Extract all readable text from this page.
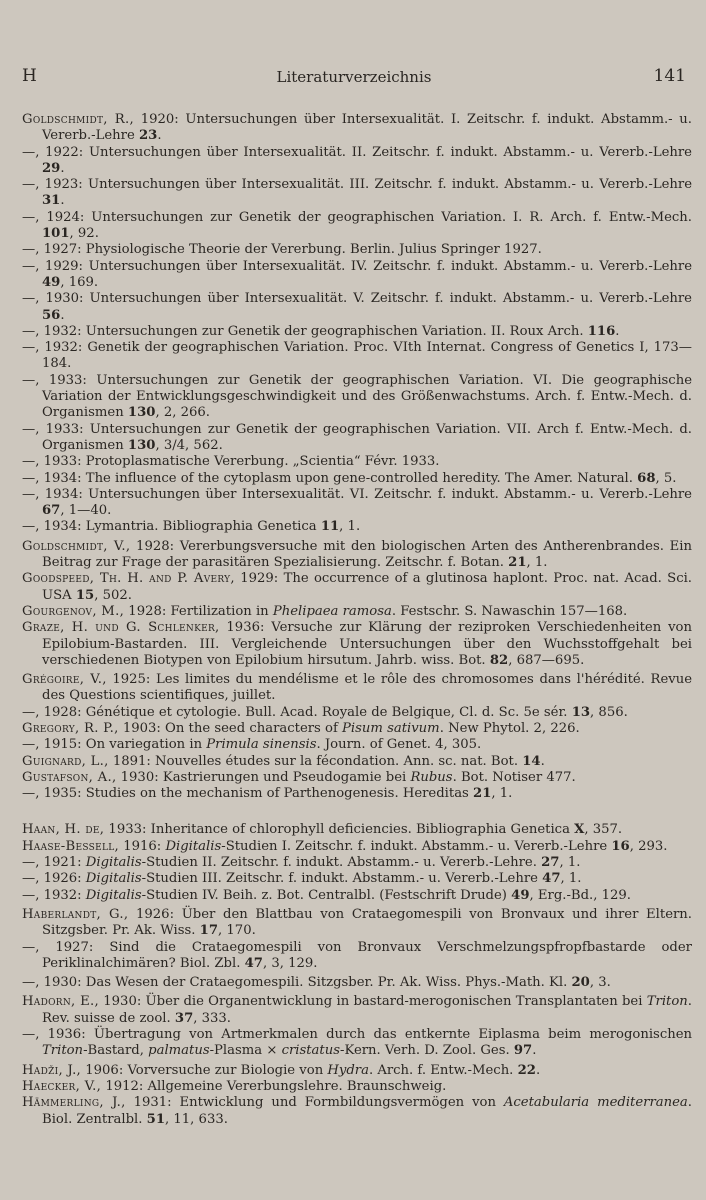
H	Literaturverzeichnis	141

Goldschmidt, R., 1920: Untersuchungen über Intersexualität. I. Zeitschr. f. indukt. Abstamm.- u. Vererb.-Lehre 23.

—, 1922: Untersuchungen über Intersexualität. II. Zeitschr. f. indukt. Abstamm.- u. Vererb.-Lehre 29.

—, 1923: Untersuchungen über Intersexualität. III. Zeitschr. f. indukt. Abstamm.- u. Vererb.-Lehre 31.

—, 1924: Untersuchungen zur Genetik der geographischen Variation. I. R. Arch. f. Entw.-Mech. 101, 92.

—, 1927: Physiologische Theorie der Vererbung. Berlin. Julius Springer 1927.

—, 1929: Untersuchungen über Intersexualität. IV. Zeitschr. f. indukt. Abstamm.- u. Vererb.-Lehre 49, 169.

—, 1930: Untersuchungen über Intersexualität. V. Zeitschr. f. indukt. Abstamm.- u. Vererb.-Lehre 56.

—, 1932: Untersuchungen zur Genetik der geographischen Variation. II. Roux Arch. 116.

—, 1932: Genetik der geographischen Variation. Proc. VIth Internat. Congress of Genetics I, 173—184.

—, 1933: Untersuchungen zur Genetik der geographischen Variation. VI. Die geographische Variation der Entwicklungsgeschwindigkeit und des Größenwachstums. Arch. f. Entw.-Mech. d. Organismen 130, 2, 266.

—, 1933: Untersuchungen zur Genetik der geographischen Variation. VII. Arch f. Entw.-Mech. d. Organismen 130, 3/4, 562.

—, 1933: Protoplasmatische Vererbung. „Scientia“ Févr. 1933.

—, 1934: The influence of the cytoplasm upon gene-controlled heredity. The Amer. Natural. 68, 5.

—, 1934: Untersuchungen über Intersexualität. VI. Zeitschr. f. indukt. Abstamm.- u. Vererb.-Lehre 67, 1—40.

—, 1934: Lymantria. Bibliographia Genetica 11, 1.

Goldschmidt, V., 1928: Vererbungsversuche mit den biologischen Arten des Antherenbrandes. Ein Beitrag zur Frage der parasitären Spezialisierung. Zeitschr. f. Botan. 21, 1.

Goodspeed, Th. H. and P. Avery, 1929: The occurrence of a glutinosa haplont. Proc. nat. Acad. Sci. USA 15, 502.

Gourgenov, M., 1928: Fertilization in Phelipaea ramosa. Festschr. S. Nawaschin 157—168.

Graze, H. und G. Schlenker, 1936: Versuche zur Klärung der reziproken Verschiedenheiten von Epilobium-Bastarden. III. Vergleichende Untersuchungen über den Wuchsstoffgehalt bei verschiedenen Biotypen von Epilobium hirsutum. Jahrb. wiss. Bot. 82, 687—695.

Grégoire, V., 1925: Les limites du mendélisme et le rôle des chromosomes dans l'hérédité. Revue des Questions scientifiques, juillet.

—, 1928: Génétique et cytologie. Bull. Acad. Royale de Belgique, Cl. d. Sc. 5e sér. 13, 856.

Gregory, R. P., 1903: On the seed characters of Pisum sativum. New Phytol. 2, 226.

—, 1915: On variegation in Primula sinensis. Journ. of Genet. 4, 305.

Guignard, L., 1891: Nouvelles études sur la fécondation. Ann. sc. nat. Bot. 14.

Gustafson, A., 1930: Kastrierungen und Pseudogamie bei Rubus. Bot. Notiser 477.

—, 1935: Studies on the mechanism of Parthenogenesis. Hereditas 21, 1.

Haan, H. de, 1933: Inheritance of chlorophyll deficiencies. Bibliographia Genetica X, 357.

Haase-Bessell, 1916: Digitalis-Studien I. Zeitschr. f. indukt. Abstamm.- u. Vererb.-Lehre 16, 293.

—, 1921: Digitalis-Studien II. Zeitschr. f. indukt. Abstamm.- u. Vererb.-Lehre. 27, 1.

—, 1926: Digitalis-Studien III. Zeitschr. f. indukt. Abstamm.- u. Vererb.-Lehre 47, 1.

—, 1932: Digitalis-Studien IV. Beih. z. Bot. Centralbl. (Festschrift Drude) 49, Erg.-Bd., 129.

Haberlandt, G., 1926: Über den Blattbau von Crataegomespili von Bronvaux und ihrer Eltern. Sitzgsber. Pr. Ak. Wiss. 17, 170.

—, 1927: Sind die Crataegomespili von Bronvaux Verschmelzungspfropfbastarde oder Periklinalchimären? Biol. Zbl. 47, 3, 129.

—, 1930: Das Wesen der Crataegomespili. Sitzgsber. Pr. Ak. Wiss. Phys.-Math. Kl. 20, 3.

Hadorn, E., 1930: Über die Organentwicklung in bastard-merogonischen Transplantaten bei Triton. Rev. suisse de zool. 37, 333.

—, 1936: Übertragung von Artmerkmalen durch das entkernte Eiplasma beim merogonischen Triton-Bastard, palmatus-Plasma × cristatus-Kern. Verh. D. Zool. Ges. 97.

Hadži, J., 1906: Vorversuche zur Biologie von Hydra. Arch. f. Entw.-Mech. 22.

Haecker, V., 1912: Allgemeine Vererbungslehre. Braunschweig.

Hämmerling, J., 1931: Entwicklung und Formbildungsvermögen von Acetabularia mediterranea. Biol. Zentralbl. 51, 11, 633.
